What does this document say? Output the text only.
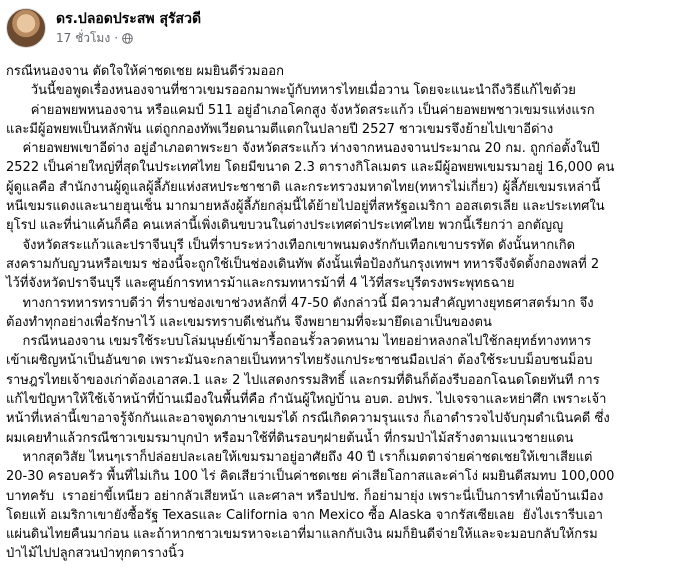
ดร.ปลอดประสพ สุรัสวดี
17 ชั่วโมง ·
กรณีหนองจาน ตัดใจให้ค่าชดเชย ผมยินดีร่วมออก
วันนี้ขอพูดเรื่องหนองจานที่ชาวเขมรออกมาพะบู้กับทหารไทยเมื่อวาน โดยจะแนะนำถึงวิธีแก้ไขด้วย
ค่ายอพยพหนองจาน หรือแคมป์ 511 อยู่อำเภอโคกสูง จังหวัดสระแก้ว เป็นค่ายอพยพชาวเขมรแห่งแรก
และมีผู้อพยพเป็นหลักพัน แต่ถูกกองทัพเวียดนามตีแตกในปลายปี 2527 ชาวเขมรจึงย้ายไปเขาอีด่าง
ค่ายอพยพเขาอีด่าง อยู่อำเภอตาพระยา จังหวัดสระแก้ว ห่างจากหนองจานประมาณ 20 กม. ถูกก่อตั้งในปี
2522 เป็นค่ายใหญ่ที่สุดในประเทศไทย โดยมีขนาด 2.3 ตารางกิโลเมตร และมีผู้อพยพเขมรมาอยู่ 16,000 คน
ผู้ดูแลคือ สำนักงานผู้ดูแลผู้ลี้ภัยแห่งสหประชาชาติ และกระทรวงมหาดไทย(ทหารไม่เกี่ยว) ผู้ลี้ภัยเขมรเหล่านี้
หนีเขมรแดงและนายฮุนเซ็น มากมายหลังผู้ลี้ภัยกลุ่มนี้ได้ย้ายไปอยู่ที่สหรัฐอเมริกา ออสเตรเลีย และประเทศใน
ยุโรป และที่น่าแค้นก็คือ คนเหล่านี้เพิ่งเดินขบวนในต่างประเทศด่าประเทศไทย พวกนี้เรียกว่า อกตัญญู
จังหวัดสระแก้วและปราจีนบุรี เป็นที่ราบระหว่างเทือกเขาพนมดงรักกับเทือกเขาบรรทัด ดังนั้นหากเกิด
สงครามกับญวนหรือเขมร ช่องนี้จะถูกใช้เป็นช่องเดินทัพ ดังนั้นเพื่อป้องกันกรุงเทพฯ ทหารจึงจัดตั้งกองพลที่ 2
ไว้ที่จังหวัดปราจีนบุรี และศูนย์การทหารม้าและกรมทหารม้าที่ 4 ไว้ที่สระบุรีตรงพระพุทธฉาย
ทางการทหารทราบดีว่า ที่ราบช่องเขาช่วงหลักที่ 47-50 ดังกล่าวนี้ มีความสำคัญทางยุทธศาสตร์มาก จึง
ต้องทำทุกอย่างเพื่อรักษาไว้ และเขมรทราบดีเช่นกัน จึงพยายามที่จะมายึดเอาเป็นของตน
กรณีหนองจาน เขมรใช้ระบบโล่มนุษย์เข้ามารื้อถอนรั้วลวดหนาม ไทยอย่าหลงกลไปใช้กลยุทธ์ทางทหาร
เข้าเผชิญหน้าเป็นอันขาด เพราะมันจะกลายเป็นทหารไทยรังแกประชาชนมือเปล่า ต้องใช้ระบบม็อบชนม็อบ
ราษฎรไทยเจ้าของเก่าต้องเอาสค.1 และ 2 ไปแสดงกรรมสิทธิ์ และกรมที่ดินก็ต้องรีบออกโฉนดโดยทันที การ
แก้ไขปัญหาให้ใช้เจ้าหน้าที่บ้านเมืองในพื้นที่คือ กำนันผู้ใหญ่บ้าน อบต. อปพร. ไปเจรจาและหย่าศึก เพราะเจ้า
หน้าที่เหล่านี้เขาอาจรู้จักกันและอาจพูดภาษาเขมรได้ กรณีเกิดความรุนแรง ก็เอาตำรวจไปจับกุมดำเนินคดี ซึ่ง
ผมเคยทำแล้วกรณีชาวเขมรมาบุกป่า หรือมาใช้ที่ดินรอบๆฝายต้นน้ำ ที่กรมป่าไม้สร้างตามแนวชายแดน
หากสุดวิสัย ไหนๆเราก็ปล่อยปละเลยให้เขมรมาอยู่อาศัยถึง 40 ปี เราก็เมตตาจ่ายค่าชดเชยให้เขาเสียแต่
20-30 ครอบครัว พื้นที่ไม่เกิน 100 ไร่ คิดเสียว่าเป็นค่าชดเชย ค่าเสียโอกาสและค่าโง่ ผมยินดีสมทบ 100,000
บาทครับ  เราอย่าขี้เหนียว อย่ากลัวเสียหน้า และศาลฯ หรือปปช. ก็อย่ามายุ่ง เพราะนี่เป็นการทำเพื่อบ้านเมือง
โดยแท้ อเมริกาเขายังซื้อรัฐ Texasและ California จาก Mexico ซื้อ Alaska จากรัสเซียเลย  ยังไงเรารีบเอา
แผ่นดินไทยคืนมาก่อน และถ้าหากชาวเขมรหาจะเอาที่มาแลกกับเงิน ผมก็ยินดีจ่ายให้และจะมอบกลับให้กรม
ป่าไม้ไปปลูกสวนป่าทุกตารางนิ้ว
